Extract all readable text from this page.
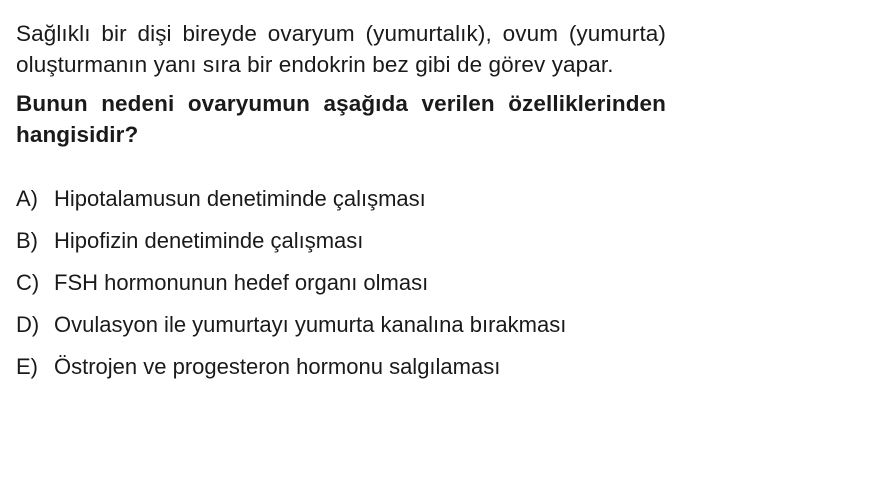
Sağlıklı bir dişi bireyde ovaryum (yumurtalık), ovum (yumurta) oluşturmanın yanı sıra bir endokrin bez gibi de görev yapar.

Bunun nedeni ovaryumun aşağıda verilen özelliklerinden hangisidir?

A) Hipotalamusun denetiminde çalışması
B) Hipofizin denetiminde çalışması
C) FSH hormonunun hedef organı olması
D) Ovulasyon ile yumurtayı yumurta kanalına bırakması
E) Östrojen ve progesteron hormonu salgılaması
